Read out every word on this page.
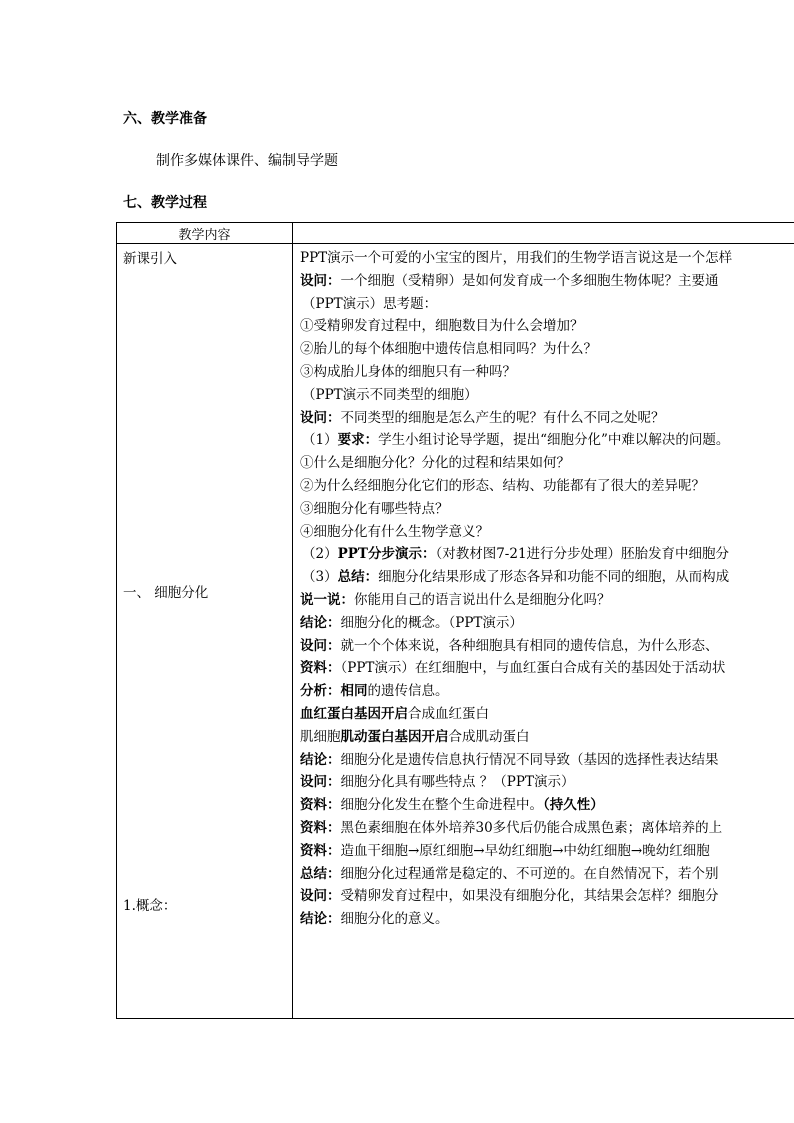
六、教学准备
制作多媒体课件、编制导学题
七、教学过程
教学内容
新课引入
一、 细胞分化
1.概念：
PPT演示一个可爱的小宝宝的图片，用我们的生物学语言说这是一个怎样
设问：一个细胞（受精卵）是如何发育成一个多细胞生物体呢？主要通
（PPT演示）思考题：
①受精卵发育过程中，细胞数目为什么会增加？
②胎儿的每个体细胞中遗传信息相同吗？为什么？
③构成胎儿身体的细胞只有一种吗？
（PPT演示不同类型的细胞）
设问：不同类型的细胞是怎么产生的呢？有什么不同之处呢？
（1）要求：学生小组讨论导学题，提出“细胞分化”中难以解决的问题。
①什么是细胞分化？分化的过程和结果如何？
②为什么经细胞分化它们的形态、结构、功能都有了很大的差异呢？
③细胞分化有哪些特点？
④细胞分化有什么生物学意义？
（2）PPT分步演示：（对教材图7-21进行分步处理）胚胎发育中细胞分
（3）总结：细胞分化结果形成了形态各异和功能不同的细胞，从而构成
说一说：你能用自己的语言说出什么是细胞分化吗？
结论：细胞分化的概念。（PPT演示）
设问：就一个个体来说，各种细胞具有相同的遗传信息，为什么形态、
资料：（PPT演示）在红细胞中，与血红蛋白合成有关的基因处于活动状
分析：相同的遗传信息。
血红蛋白基因开启合成血红蛋白
肌细胞肌动蛋白基因开启合成肌动蛋白
结论：细胞分化是遗传信息执行情况不同导致（基因的选择性表达结果
设问：细胞分化具有哪些特点 ？（PPT演示）
资料：细胞分化发生在整个生命进程中。（持久性）
资料：黑色素细胞在体外培养30多代后仍能合成黑色素；离体培养的上
资料：造血干细胞→原红细胞→早幼红细胞→中幼红细胞→晚幼红细胞
总结：细胞分化过程通常是稳定的、不可逆的。在自然情况下，若个别
设问：受精卵发育过程中，如果没有细胞分化，其结果会怎样？细胞分
结论：细胞分化的意义。
